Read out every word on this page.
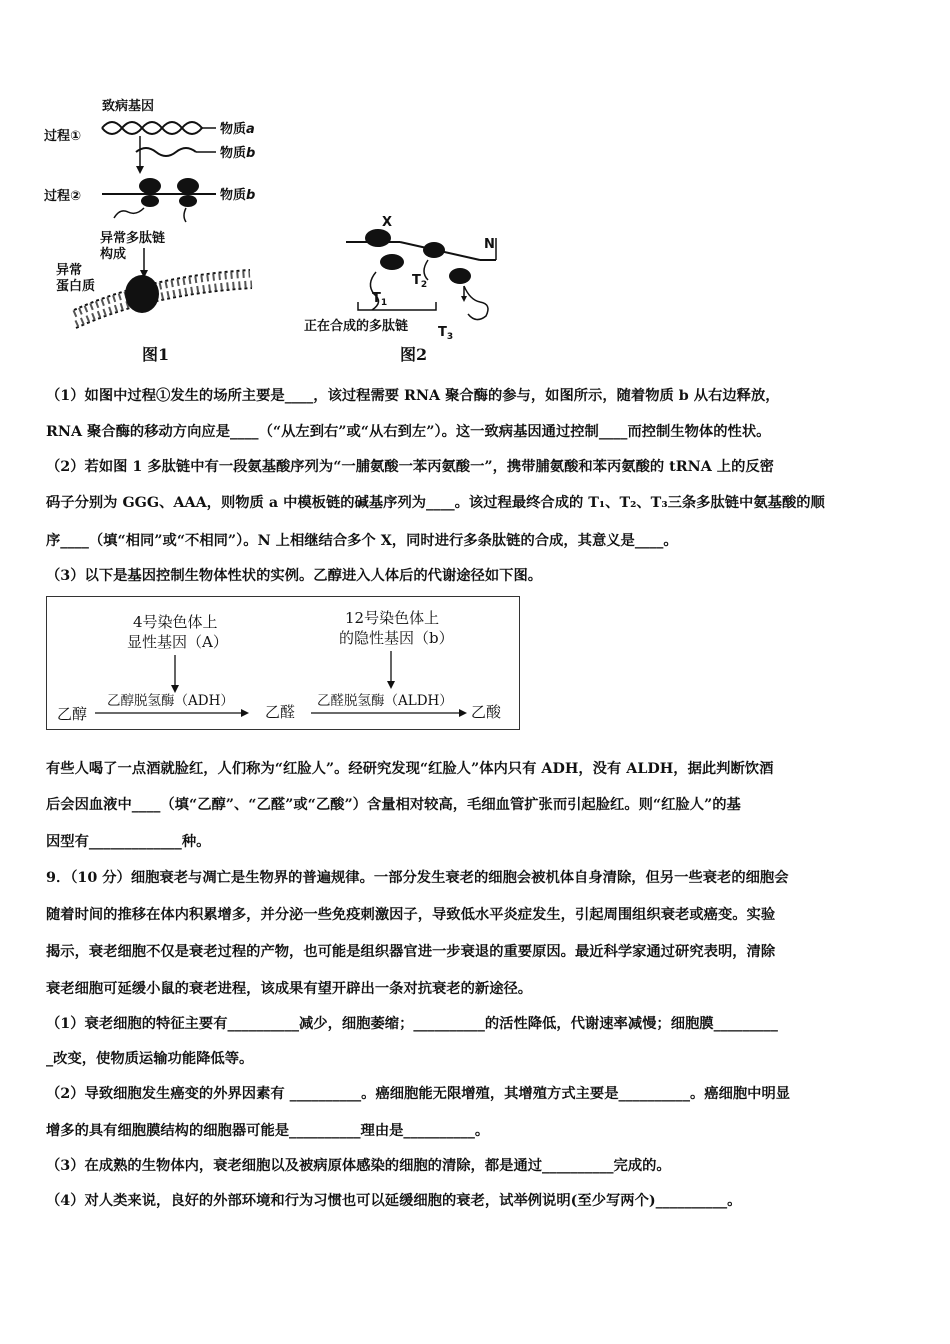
致病基因
过程①	物质a
物质b
过程②	物质b
异常多肽链
构成
异常
蛋白质
图1
X
N
$T_2$
$T_1$
正在合成的多肽链 $T_3$
图2
（1）如图中过程①发生的场所主要是____，该过程需要 RNA 聚合酶的参与，如图所示，随着物质 b 从右边释放，
RNA 聚合酶的移动方向应是____（“从左到右”或“从右到左”）。这一致病基因通过控制____而控制生物体的性状。
（2）若如图 1 多肽链中有一段氨基酸序列为“一脯氨酸一苯丙氨酸一”，携带脯氨酸和苯丙氨酸的 tRNA 上的反密
码子分别为 GGG、AAA，则物质 a 中模板链的碱基序列为____。该过程最终合成的 T₁、T₂、T₃三条多肽链中氨基酸的顺
序____（填“相同”或“不相同”）。N 上相继结合多个 X，同时进行多条肽链的合成，其意义是____。
（3）以下是基因控制生物体性状的实例。乙醇进入人体后的代谢途径如下图。
4号染色体上
显性基因（A）
12号染色体上
的隐性基因（b）
乙醇
乙醇脱氢酶（ADH）
乙醛
乙醛脱氢酶（ALDH）
乙酸
有些人喝了一点酒就脸红，人们称为“红脸人”。经研究发现“红脸人”体内只有 ADH，没有 ALDH，据此判断饮酒
后会因血液中____（填“乙醇”、“乙醛”或“乙酸”）含量相对较高，毛细血管扩张而引起脸红。则“红脸人”的基
因型有_____________种。
9．（10 分）细胞衰老与凋亡是生物界的普遍规律。一部分发生衰老的细胞会被机体自身清除，但另一些衰老的细胞会
随着时间的推移在体内积累增多，并分泌一些免疫刺激因子，导致低水平炎症发生，引起周围组织衰老或癌变。实验
揭示，衰老细胞不仅是衰老过程的产物，也可能是组织器官进一步衰退的重要原因。最近科学家通过研究表明，清除
衰老细胞可延缓小鼠的衰老进程，该成果有望开辟出一条对抗衰老的新途径。
（1）衰老细胞的特征主要有__________减少，细胞萎缩；__________的活性降低，代谢速率减慢；细胞膜_________
_改变，使物质运输功能降低等。
（2）导致细胞发生癌变的外界因素有 __________。癌细胞能无限增殖，其增殖方式主要是__________。癌细胞中明显
增多的具有细胞膜结构的细胞器可能是__________理由是__________。
（3）在成熟的生物体内，衰老细胞以及被病原体感染的细胞的清除，都是通过__________完成的。
（4）对人类来说，良好的外部环境和行为习惯也可以延缓细胞的衰老，试举例说明(至少写两个)__________。
